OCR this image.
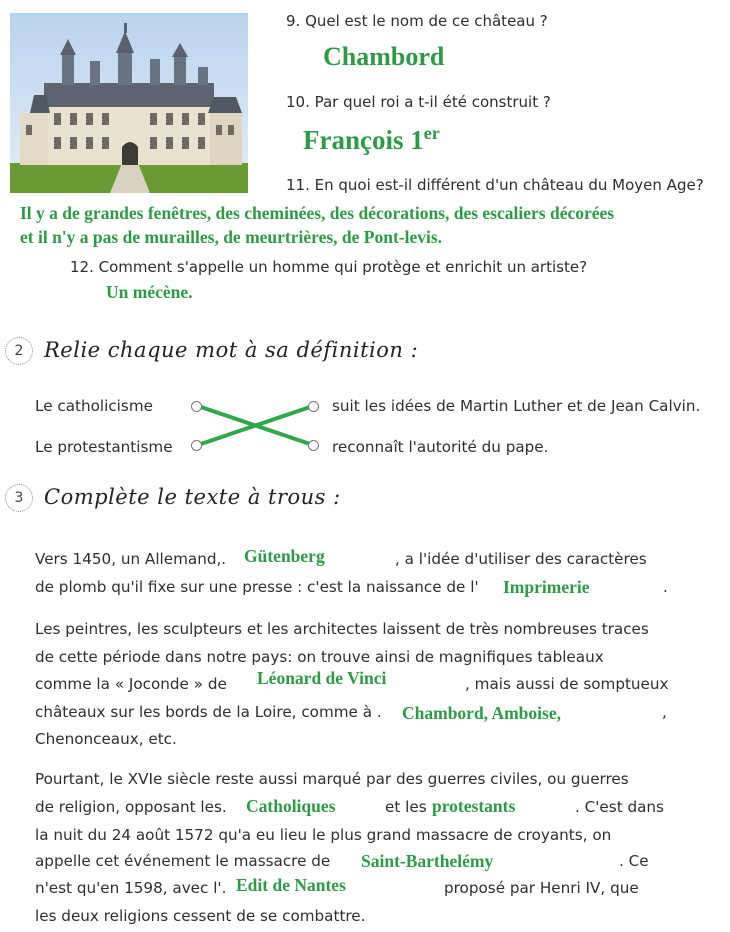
9. Quel est le nom de ce château ?
Chambord
10. Par quel roi a t-il été construit ?
François 1er
11. En quoi est-il différent d'un château du Moyen Age?
Il y a de grandes fenêtres, des cheminées, des décorations, des escaliers décorées
et il n'y a pas de murailles, de meurtrières, de Pont-levis.
12. Comment s'appelle un homme qui protège et enrichit un artiste?
Un mécène.
2 Relie chaque mot à sa définition :
Le catholicisme
Le protestantisme
suit les idées de Martin Luther et de Jean Calvin.
reconnaît l'autorité du pape.
3 Complète le texte à trous :
Vers 1450, un Allemand,. Gütenberg	, a l'idée d'utiliser des caractères
de plomb qu'il fixe sur une presse : c'est la naissance de l' Imprimerie	.
Les peintres, les sculpteurs et les architectes laissent de très nombreuses traces
de cette période dans notre pays: on trouve ainsi de magnifiques tableaux
comme la « Joconde » de Léonard de Vinci	, mais aussi de somptueux
châteaux sur les bords de la Loire, comme à . Chambord, Amboise,	,
Chenonceaux, etc.
Pourtant, le XVIe siècle reste aussi marqué par des guerres civiles, ou guerres
de religion, opposant les. Catholiques	et les protestants	. C'est dans
la nuit du 24 août 1572 qu'a eu lieu le plus grand massacre de croyants, on
appelle cet événement le massacre de Saint-Barthelémy	. Ce
n'est qu'en 1598, avec l'. Edit de Nantes	proposé par Henri IV, que
les deux religions cessent de se combattre.
